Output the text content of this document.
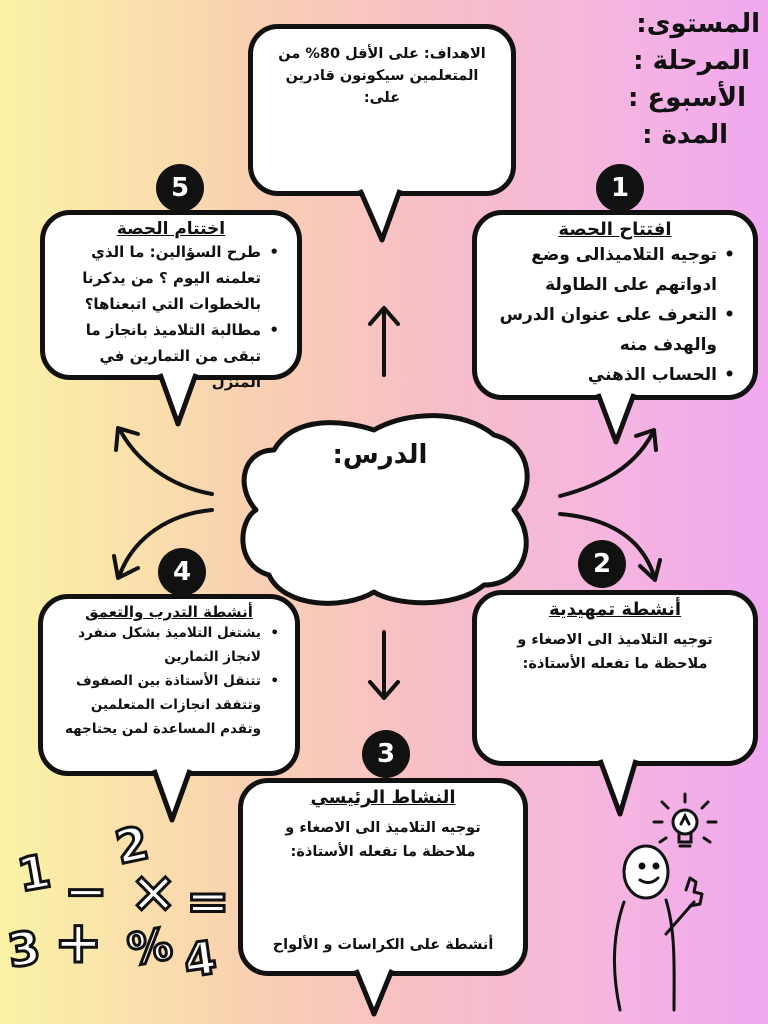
المستوى:
المرحلة :
الأسبوع :
المدة :

الاهداف: على الأقل 80% من المتعلمين سيكونون قادرين على:

5

اختتام الحصة

• طرح السؤالين: ما الذي تعلمنه اليوم ؟ من يدكرنا بالخطوات التي اتبعناها؟
• مطالبة التلاميذ بانجاز ما تبقى من التمارين في المنزل
1

افتتاح الحصة

• توجيه التلاميذالى وضع ادواتهم على الطاولة
• التعرف على عنوان الدرس والهدف منه
• الحساب الذهني
الدرس:
4

أنشطة التدرب والتعمق

• يشتغل التلاميذ بشكل منفرد لانجاز التمارين
• تتنقل الأستاذة بين الصفوف وتتفقد انجازات المتعلمين وتقدم المساعدة لمن يحتاجهه
2

أنشطة تمهيدية

توجيه التلاميذ الى الاصغاء و ملاحظة ما تفعله الأستاذة:

3

النشاط الرئيسي

توجيه التلاميذ الى الاصغاء و ملاحظة ما تفعله الأستاذة:

أنشطة على الكراسات و الألواح

2
1 − × =
3 + % 4
